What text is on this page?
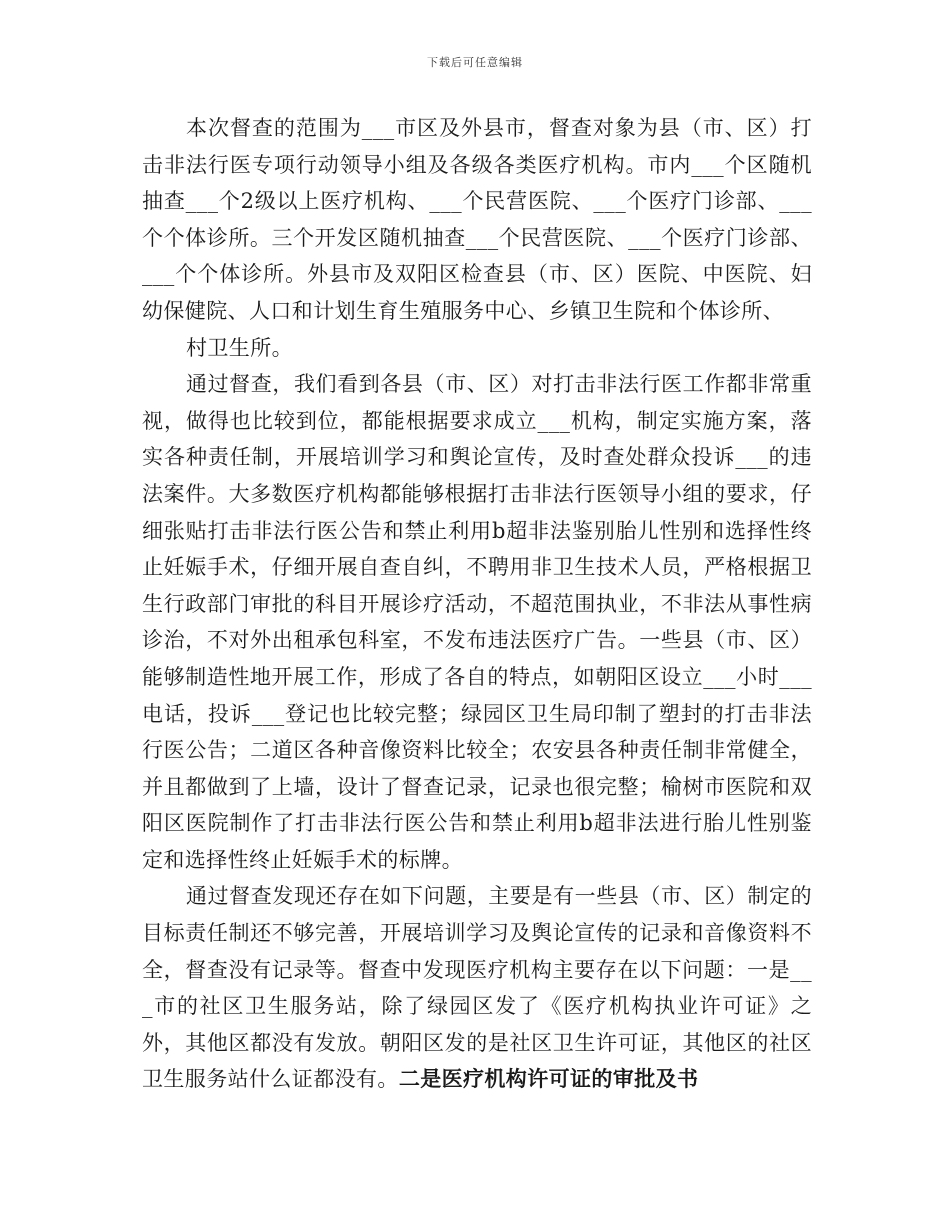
下载后可任意编辑

本次督查的范围为___市区及外县市，督查对象为县（市、区）打击非法行医专项行动领导小组及各级各类医疗机构。市内___个区随机抽查___个2级以上医疗机构、___个民营医院、___个医疗门诊部、___个个体诊所。三个开发区随机抽查___个民营医院、___个医疗门诊部、___个个体诊所。外县市及双阳区检查县（市、区）医院、中医院、妇幼保健院、人口和计划生育生殖服务中心、乡镇卫生院和个体诊所、

村卫生所。

通过督查，我们看到各县（市、区）对打击非法行医工作都非常重视，做得也比较到位，都能根据要求成立___机构，制定实施方案，落实各种责任制，开展培训学习和舆论宣传，及时查处群众投诉___的违法案件。大多数医疗机构都能够根据打击非法行医领导小组的要求，仔细张贴打击非法行医公告和禁止利用b超非法鉴别胎儿性别和选择性终止妊娠手术，仔细开展自查自纠，不聘用非卫生技术人员，严格根据卫生行政部门审批的科目开展诊疗活动，不超范围执业，不非法从事性病诊治，不对外出租承包科室，不发布违法医疗广告。一些县（市、区）能够制造性地开展工作，形成了各自的特点，如朝阳区设立___小时___电话，投诉___登记也比较完整；绿园区卫生局印制了塑封的打击非法行医公告；二道区各种音像资料比较全；农安县各种责任制非常健全，并且都做到了上墙，设计了督查记录，记录也很完整；榆树市医院和双阳区医院制作了打击非法行医公告和禁止利用b超非法进行胎儿性别鉴定和选择性终止妊娠手术的标牌。

通过督查发现还存在如下问题，主要是有一些县（市、区）制定的目标责任制还不够完善，开展培训学习及舆论宣传的记录和音像资料不全，督查没有记录等。督查中发现医疗机构主要存在以下问题：一是___市的社区卫生服务站，除了绿园区发了《医疗机构执业许可证》之外，其他区都没有发放。朝阳区发的是社区卫生许可证，其他区的社区卫生服务站什么证都没有。二是医疗机构许可证的审批及书
